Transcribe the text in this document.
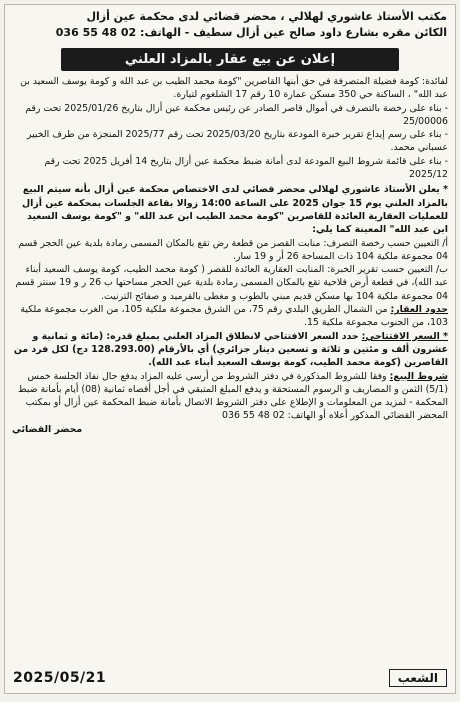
مكتب الأستاذ عاشوري لهلالي ، محضر قضائي لدى محكمة عين أزال
الكائن مقره بشارع داود صالح عين أزال سطيف - الهاتف: 02 48 55 036
إعلان عن بيع عقار بالمزاد العلني

لفائدة: كومة فضيلة المتصرفة في حق أبنها القاصرين "كومة محمد الطيب بن عبد الله و كومة يوسف السعيد بن عبد الله" ، الساكنة حي 350 مسكن عمارة 10 رقم 17 الشلغوم لتيارة.

- بناء على رخصة بالتصرف في أموال قاصر الصادر عن رئيس محكمة عين أزال بتاريخ 2025/01/26 تحت رقم 25/00006

- بناء على رسم إيداع تقرير خبرة المودعة بتاريخ 2025/03/20 تحت رقم 2025/77 المنجزة من طرف الخبير عسباني محمد.

- بناء على قائمة شروط البيع المودعة لدى أمانة ضبط محكمة عين أزال بتاريخ 14 أفريل 2025 تحت رقم 2025/12

* يعلن الأستاذ عاشوري لهلالي محضر قضائي لدى الاختصاص محكمة عين أزال بأنه سيتم البيع بالمزاد العلني يوم 15 جوان 2025 على الساعة 14:00 زوالا بقاعة الجلسات بمحكمة عين أزال للعمليات العقارية العائدة للقاصرين "كومة محمد الطيب ابن عبد الله" و "كومة يوسف السعيد ابن عبد الله" المعينة كما يلي:

أ/ التعيين حسب رخصة التصرف: منابت القصر من قطعة رض تقع بالمكان المسمى رمادة بلدية عين الحجر قسم 04 مجموعة ملكية 104 ذات المساحة 26 أر و 19 سار.

ب/ التعيين حسب تقرير الخبرة: المنابت العقارية العائدة للقصر ( كومة محمد الطيب، كومة يوسف السعيد أبناء عبد الله)، في قطعة أرض فلاحية تقع بالمكان المسمى رمادة بلدية عين الحجر مساحتها ب 26 ر و 19 سنتر قسم 04 مجموعة ملكية 104 بها مسكن قديم مبني بالطوب و مغطى بالقرميد و صفائح الترنيت.

حدود العقار: من الشمال الطريق البلدي رقم 75، من الشرق مجموعة ملكية 105، من الغرب مجموعة ملكية 103، من الجنوب مجموعة ملكية 15.

* السعر الافتتاحي: حدد السعر الافتتاحي لانطلاق المزاد العلني بمبلغ قدره: (مائة و ثمانية و عشرون ألف و مئتين و ثلاثة و تسعين دينار جزائري) أي بالأرقام (128.293.00 دج) لكل فرد من القاصرين (كومة محمد الطيب، كومة يوسف السعيد أبناء عبد الله).

شروط البيع: وفقا للشروط المذكورة في دفتر الشروط من أرسى عليه المزاد يدفع حال نفاذ الجلسة خمس (5/1) الثمن و المصاريف و الرسوم المستحقة و يدفع المبلغ المتبقي في أجل أقصاه ثمانية (08) أيام بأمانة ضبط المحكمة - لمزيد من المعلومات و الإطلاع على دفتر الشروط الاتصال بأمانة ضبط المحكمة عين أزال أو بمكتب المحضر القضائي المذكور أعلاه أو الهاتف: 02 48 55 036

محضر القضائي

2025/05/21	الشعب
